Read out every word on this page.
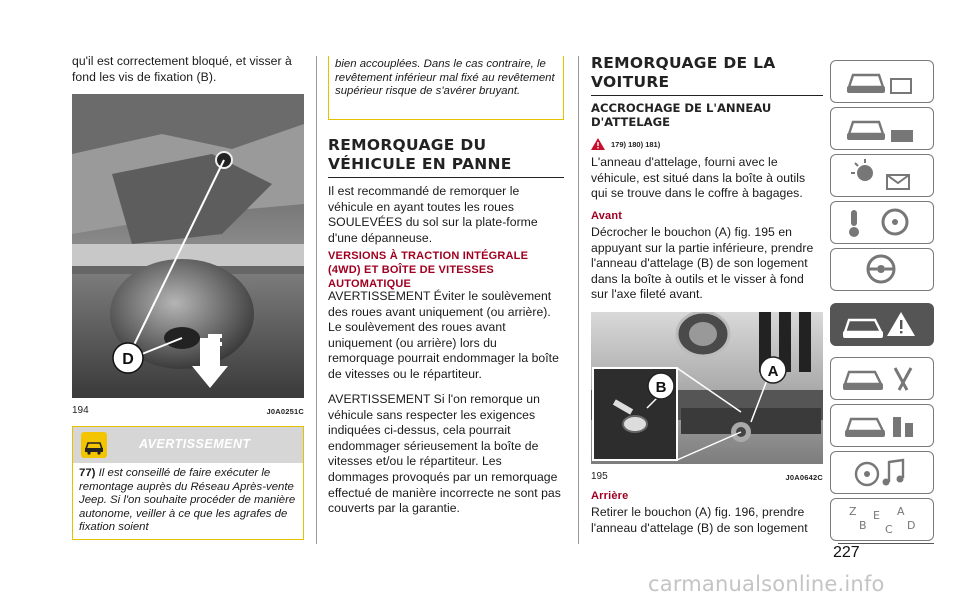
qu'il est correctement bloqué, et visser à fond les vis de fixation (B).

D
194	J0A0251C
AVERTISSEMENT
77) Il est conseillé de faire exécuter le remontage auprès du Réseau Après-vente Jeep. Si l'on souhaite procéder de manière autonome, veiller à ce que les agrafes de fixation soient
bien accouplées. Dans le cas contraire, le revêtement inférieur mal fixé au revêtement supérieur risque de s'avérer bruyant.
REMORQUAGE DU VÉHICULE EN PANNE

Il est recommandé de remorquer le véhicule en ayant toutes les roues SOULEVÉES du sol sur la plate-forme d'une dépanneuse.

VERSIONS À TRACTION INTÉGRALE (4WD) ET BOÎTE DE VITESSES AUTOMATIQUE

AVERTISSEMENT Éviter le soulèvement des roues avant uniquement (ou arrière). Le soulèvement des roues avant uniquement (ou arrière) lors du remorquage pourrait endommager la boîte de vitesses ou le répartiteur.

AVERTISSEMENT Si l'on remorque un véhicule sans respecter les exigences indiquées ci-dessus, cela pourrait endommager sérieusement la boîte de vitesses et/ou le répartiteur. Les dommages provoqués par un remorquage effectué de manière incorrecte ne sont pas couverts par la garantie.

REMORQUAGE DE LA VOITURE
ACCROCHAGE DE L'ANNEAU D'ATTELAGE
179) 180) 181)

L'anneau d'attelage, fourni avec le véhicule, est situé dans la boîte à outils qui se trouve dans le coffre à bagages.

Avant

Décrocher le bouchon (A) fig. 195 en appuyant sur la partie inférieure, prendre l'anneau d'attelage (B) de son logement dans la boîte à outils et le visser à fond sur l'axe fileté avant.

B
A
195	J0A0642C
Arrière

Retirer le bouchon (A) fig. 196, prendre l'anneau d'attelage (B) de son logement

Z
B
E
C
A
D
227
carmanualsonline.info
